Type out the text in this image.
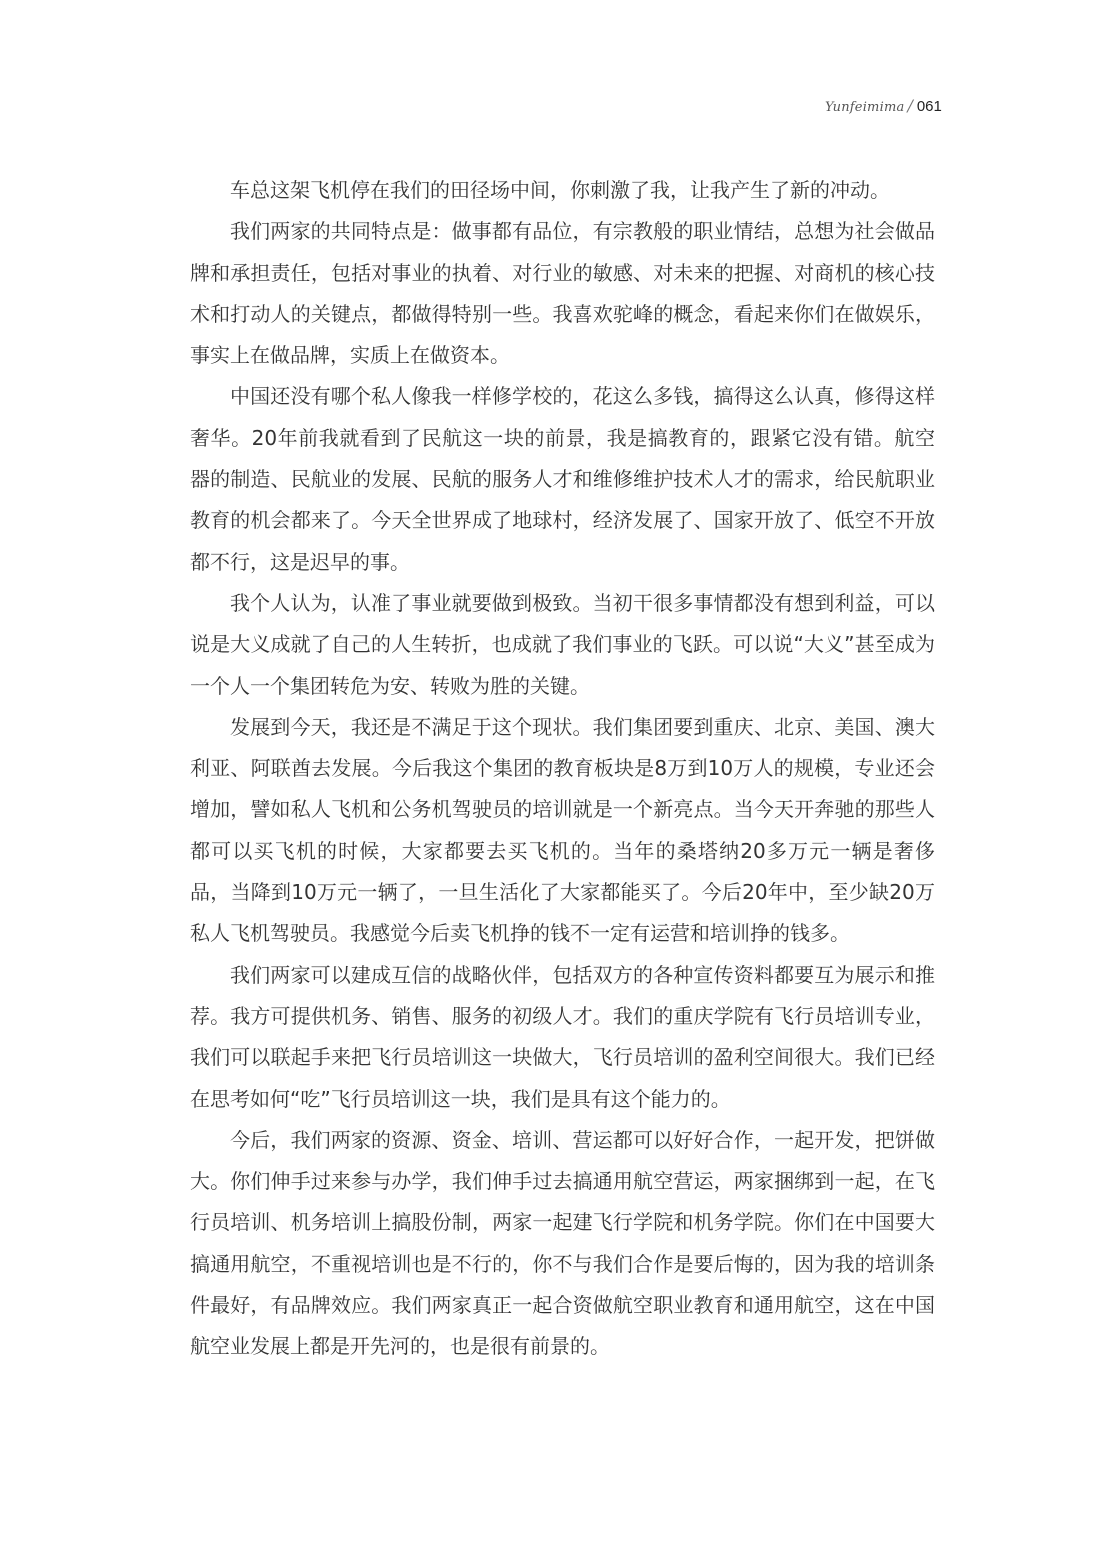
Yunfeimima / 061

车总这架飞机停在我们的田径场中间，你刺激了我，让我产生了新的冲动。

我们两家的共同特点是：做事都有品位，有宗教般的职业情结，总想为社会做品牌和承担责任，包括对事业的执着、对行业的敏感、对未来的把握、对商机的核心技术和打动人的关键点，都做得特别一些。我喜欢驼峰的概念，看起来你们在做娱乐，事实上在做品牌，实质上在做资本。

中国还没有哪个私人像我一样修学校的，花这么多钱，搞得这么认真，修得这样奢华。20年前我就看到了民航这一块的前景，我是搞教育的，跟紧它没有错。航空器的制造、民航业的发展、民航的服务人才和维修维护技术人才的需求，给民航职业教育的机会都来了。今天全世界成了地球村，经济发展了、国家开放了、低空不开放都不行，这是迟早的事。

我个人认为，认准了事业就要做到极致。当初干很多事情都没有想到利益，可以说是大义成就了自己的人生转折，也成就了我们事业的飞跃。可以说“大义”甚至成为一个人一个集团转危为安、转败为胜的关键。

发展到今天，我还是不满足于这个现状。我们集团要到重庆、北京、美国、澳大利亚、阿联酋去发展。今后我这个集团的教育板块是8万到10万人的规模，专业还会增加，譬如私人飞机和公务机驾驶员的培训就是一个新亮点。当今天开奔驰的那些人都可以买飞机的时候，大家都要去买飞机的。当年的桑塔纳20多万元一辆是奢侈品，当降到10万元一辆了，一旦生活化了大家都能买了。今后20年中，至少缺20万私人飞机驾驶员。我感觉今后卖飞机挣的钱不一定有运营和培训挣的钱多。

我们两家可以建成互信的战略伙伴，包括双方的各种宣传资料都要互为展示和推荐。我方可提供机务、销售、服务的初级人才。我们的重庆学院有飞行员培训专业，我们可以联起手来把飞行员培训这一块做大，飞行员培训的盈利空间很大。我们已经在思考如何“吃”飞行员培训这一块，我们是具有这个能力的。

今后，我们两家的资源、资金、培训、营运都可以好好合作，一起开发，把饼做大。你们伸手过来参与办学，我们伸手过去搞通用航空营运，两家捆绑到一起，在飞行员培训、机务培训上搞股份制，两家一起建飞行学院和机务学院。你们在中国要大搞通用航空，不重视培训也是不行的，你不与我们合作是要后悔的，因为我的培训条件最好，有品牌效应。我们两家真正一起合资做航空职业教育和通用航空，这在中国航空业发展上都是开先河的，也是很有前景的。
